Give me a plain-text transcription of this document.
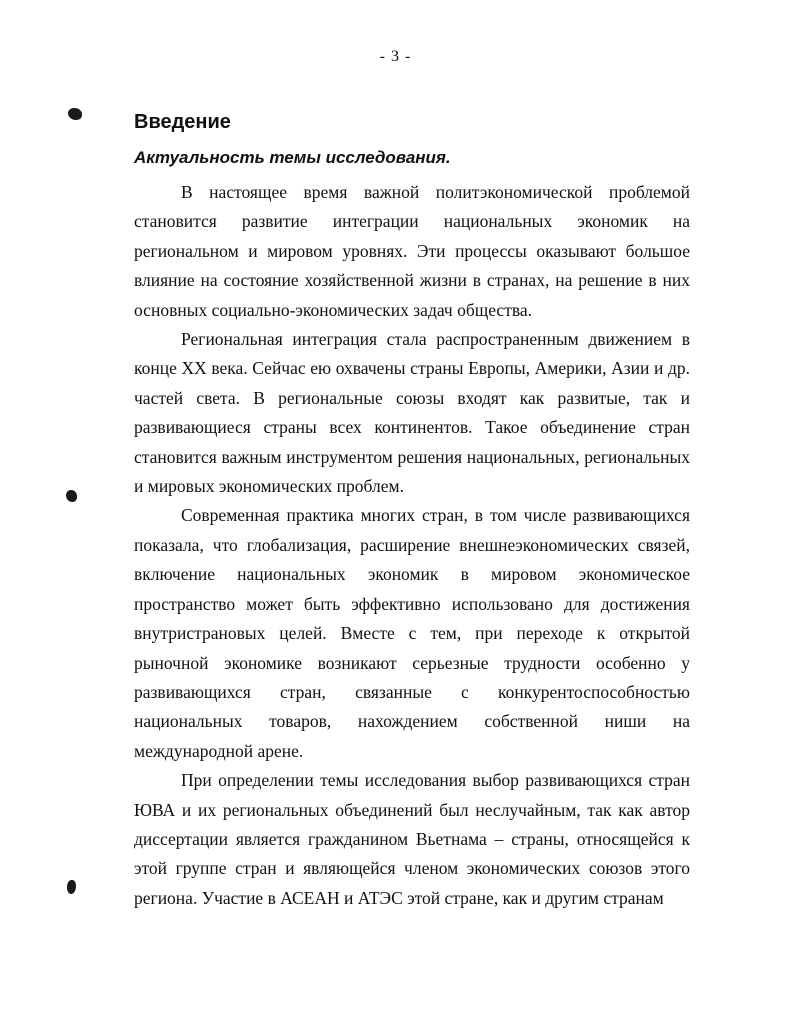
- 3 -
Введение
Актуальность темы исследования.

В настоящее время важной политэкономической проблемой становится развитие интеграции национальных экономик на региональном и мировом уровнях. Эти процессы оказывают большое влияние на состояние хозяйственной жизни в странах, на решение в них основных социально-экономических задач общества.

Региональная интеграция стала распространенным движением в конце XX века. Сейчас ею охвачены страны Европы, Америки, Азии и др. частей света. В региональные союзы входят как развитые, так и развивающиеся страны всех континентов. Такое объединение стран становится важным инструментом решения национальных, региональных и мировых экономических проблем.

Современная практика многих стран, в том числе развивающихся показала, что глобализация, расширение внешнеэкономических связей, включение национальных экономик в мировом экономическое пространство может быть эффективно использовано для достижения внутристрановых целей. Вместе с тем, при переходе к открытой рыночной экономике возникают серьезные трудности особенно у развивающихся стран, связанные с конкурентоспособностью национальных товаров, нахождением собственной ниши на международной арене.

При определении темы исследования выбор развивающихся стран ЮВА и их региональных объединений был неслучайным, так как автор диссертации является гражданином Вьетнама – страны, относящейся к этой группе стран и являющейся членом экономических союзов этого региона. Участие в АСЕАН и АТЭС этой стране, как и другим странам
